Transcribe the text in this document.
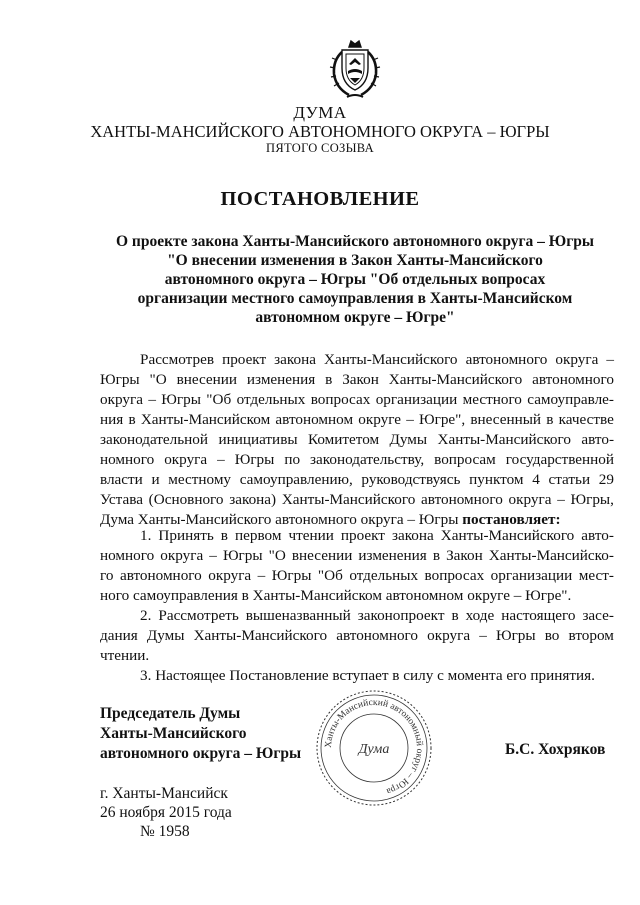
ДУМА
ХАНТЫ-МАНСИЙСКОГО АВТОНОМНОГО ОКРУГА – ЮГРЫ
ПЯТОГО СОЗЫВА
ПОСТАНОВЛЕНИЕ
О проекте закона Ханты-Мансийского автономного округа – Югры
"О внесении изменения в Закон Ханты-Мансийского
автономного округа – Югры "Об отдельных вопросах
организации местного самоуправления в Ханты-Мансийском
автономном округе – Югре"
Рассмотрев проект закона Ханты-Мансийского автономного округа –
Югры "О внесении изменения в Закон Ханты-Мансийского автономного
округа – Югры "Об отдельных вопросах организации местного самоуправле-
ния в Ханты-Мансийском автономном округе – Югре", внесенный в качестве
законодательной инициативы Комитетом Думы Ханты-Мансийского авто-
номного округа – Югры по законодательству, вопросам государственной
власти и местному самоуправлению, руководствуясь пунктом 4 статьи 29
Устава (Основного закона) Ханты-Мансийского автономного округа – Югры,
Дума Ханты-Мансийского автономного округа – Югры постановляет:
1. Принять в первом чтении проект закона Ханты-Мансийского авто-
номного округа – Югры "О внесении изменения в Закон Ханты-Мансийско-
го автономного округа – Югры "Об отдельных вопросах организации мест-
ного самоуправления в Ханты-Мансийском автономном округе – Югре".
2. Рассмотреть вышеназванный законопроект в ходе настоящего засе-
дания Думы Ханты-Мансийского автономного округа – Югры во втором
чтении.
3. Настоящее Постановление вступает в силу с момента его принятия.
Ханты-Мансийский автономный округ – Югра
Дума
Председатель Думы
Ханты-Мансийского
автономного округа – Югры	Б.С. Хохряков
г. Ханты-Мансийск
26 ноября 2015 года
№ 1958
